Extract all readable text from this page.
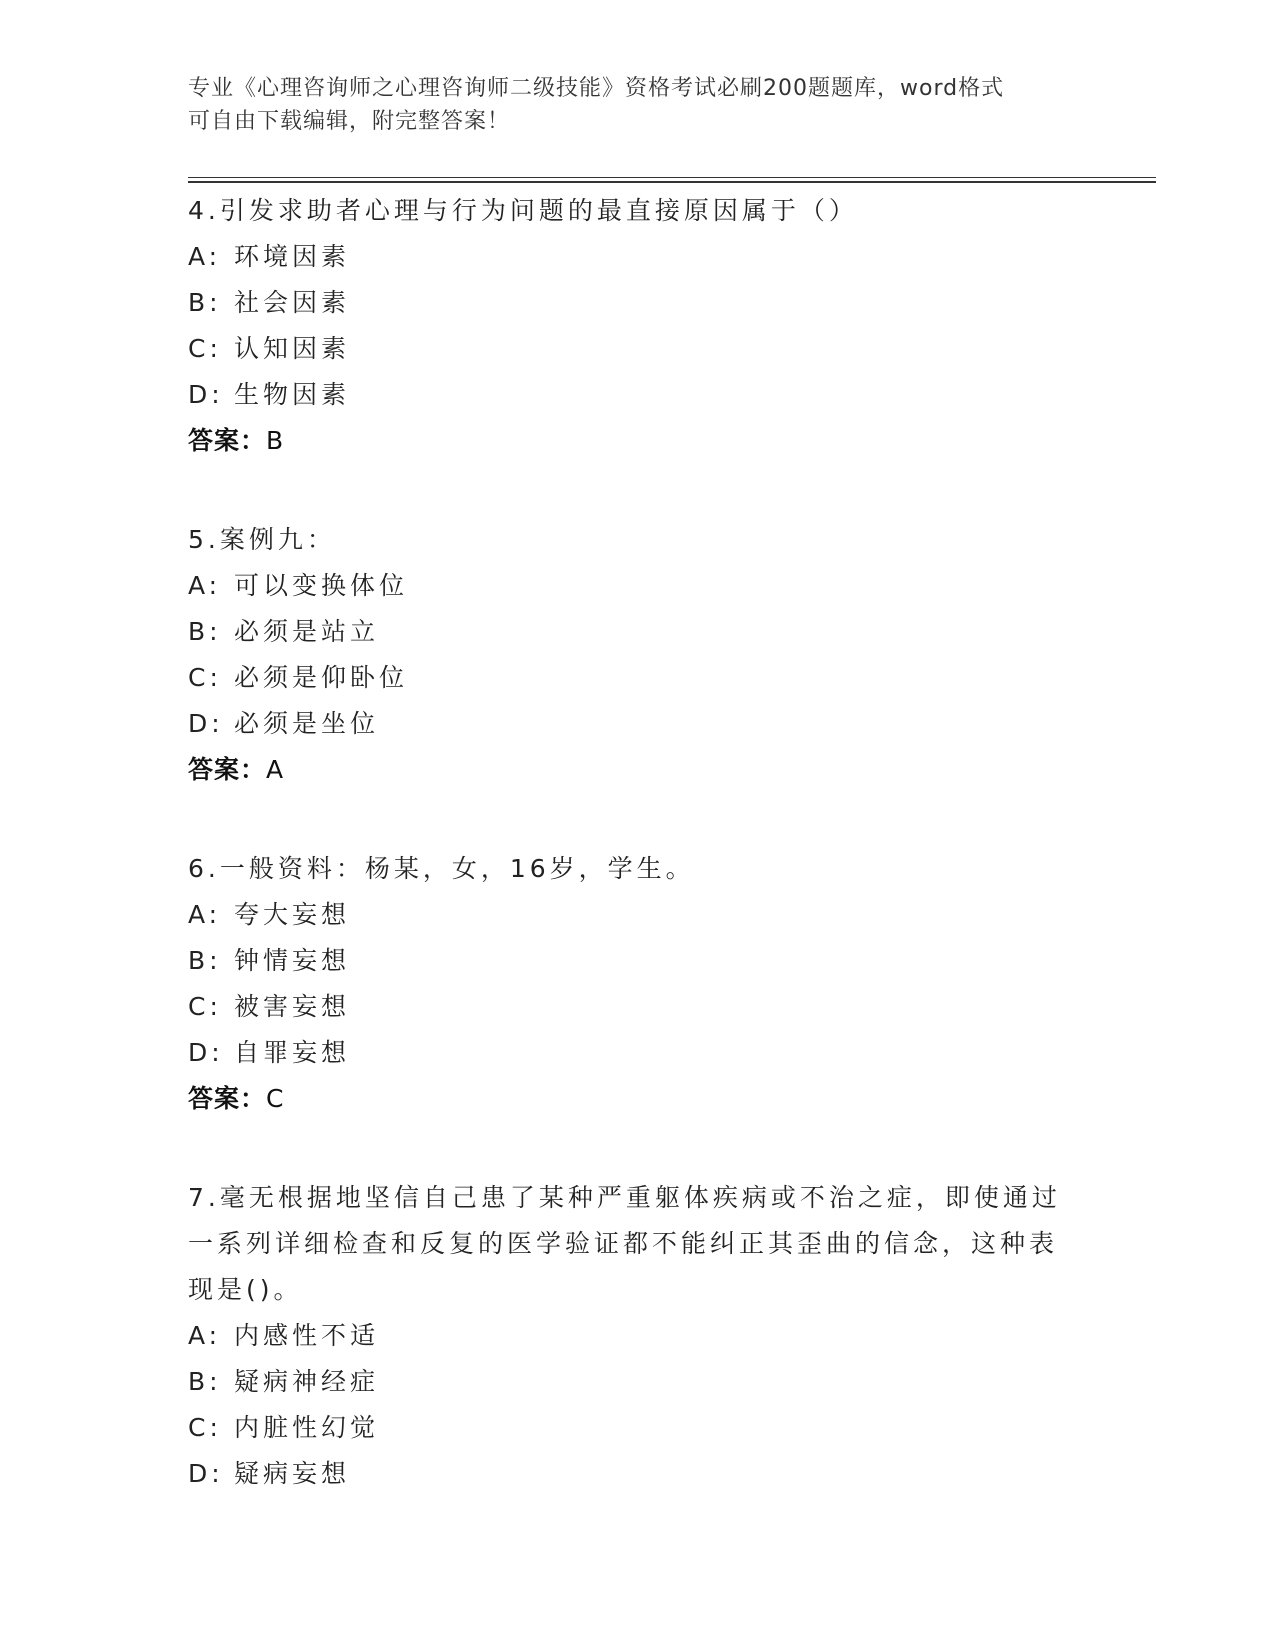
专业《心理咨询师之心理咨询师二级技能》资格考试必刷200题题库，word格式
可自由下载编辑，附完整答案！
4.引发求助者心理与行为问题的最直接原因属于（）
A: 环境因素
B: 社会因素
C: 认知因素
D: 生物因素
答案：B
5.案例九：
A: 可以变换体位
B: 必须是站立
C: 必须是仰卧位
D: 必须是坐位
答案：A
6.一般资料：杨某，女，16岁，学生。
A: 夸大妄想
B: 钟情妄想
C: 被害妄想
D: 自罪妄想
答案：C
7.毫无根据地坚信自己患了某种严重躯体疾病或不治之症，即使通过
一系列详细检查和反复的医学验证都不能纠正其歪曲的信念，这种表
现是()。
A: 内感性不适
B: 疑病神经症
C: 内脏性幻觉
D: 疑病妄想
